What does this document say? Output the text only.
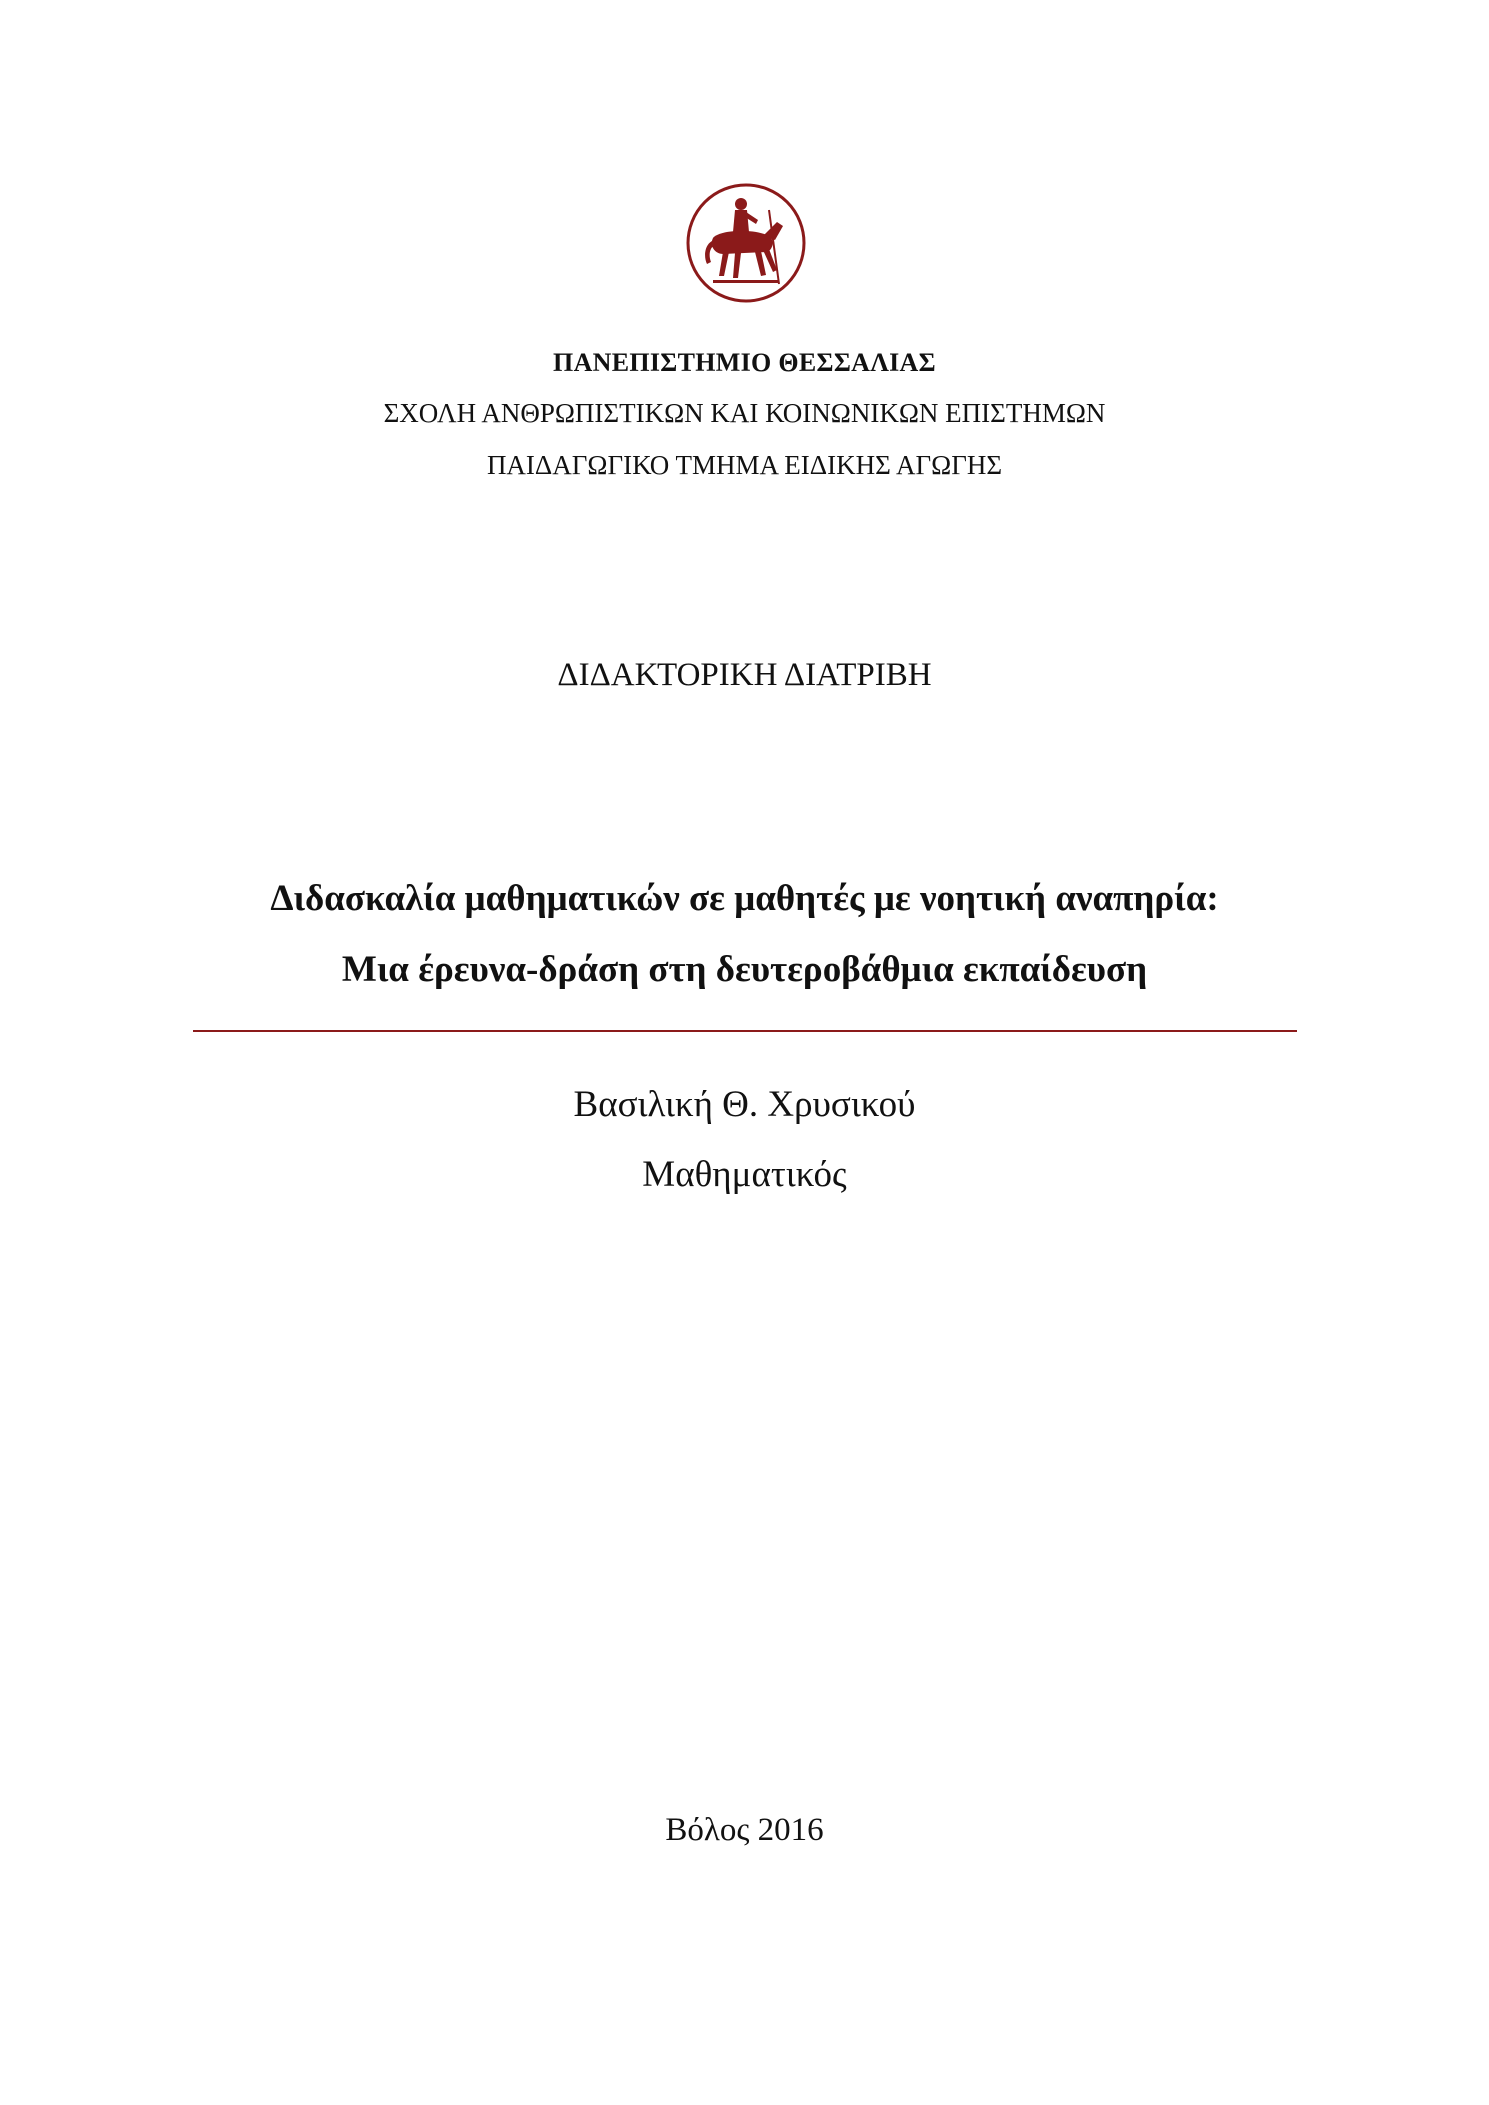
ΠΑΝΕΠΙΣΤΗΜΙΟ ΘΕΣΣΑΛΙΑΣ
ΣΧΟΛΗ ΑΝΘΡΩΠΙΣΤΙΚΩΝ ΚΑΙ ΚΟΙΝΩΝΙΚΩΝ ΕΠΙΣΤΗΜΩΝ
ΠΑΙΔΑΓΩΓΙΚΟ ΤΜΗΜΑ ΕΙΔΙΚΗΣ ΑΓΩΓΗΣ
ΔΙΔΑΚΤΟΡΙΚΗ ΔΙΑΤΡΙΒΗ
Διδασκαλία μαθηματικών σε μαθητές με νοητική αναπηρία:
Μια έρευνα-δράση στη δευτεροβάθμια εκπαίδευση
Βασιλική Θ. Χρυσικού
Μαθηματικός
Βόλος 2016
